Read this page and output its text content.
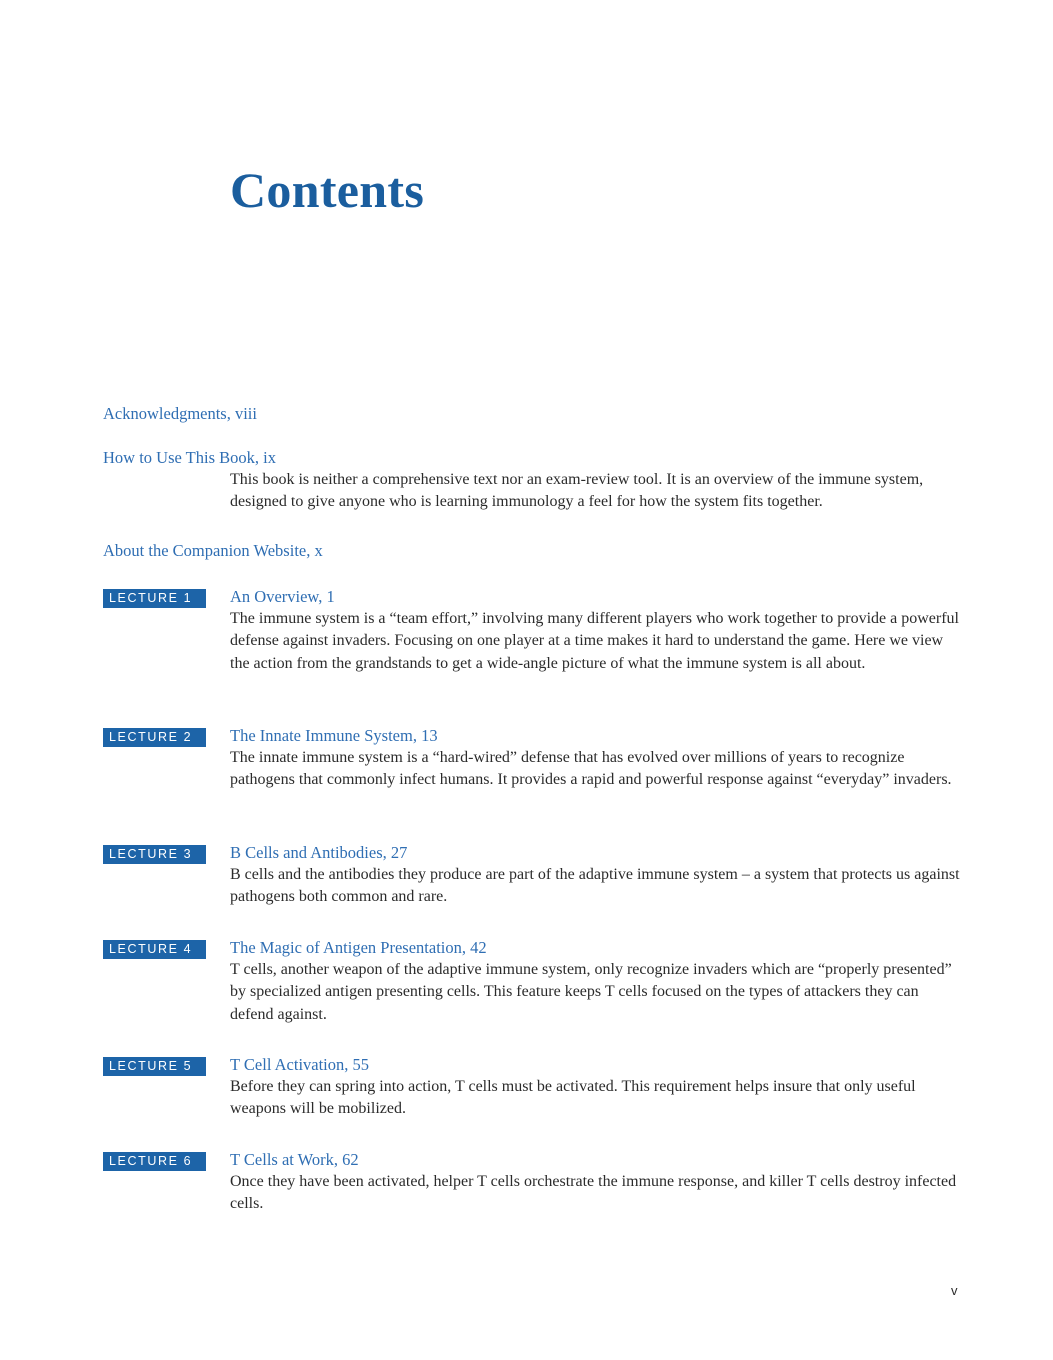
Contents
Acknowledgments, viii
How to Use This Book, ix

This book is neither a comprehensive text nor an exam-review tool. It is an overview of the immune system, designed to give anyone who is learning immunology a feel for how the system fits together.

About the Companion Website, x
LECTURE 1	An Overview, 1

The immune system is a “team effort,” involving many different players who work together to provide a powerful defense against invaders. Focusing on one player at a time makes it hard to understand the game. Here we view the action from the grandstands to get a wide-angle picture of what the immune system is all about.

LECTURE 2	The Innate Immune System, 13

The innate immune system is a “hard-wired” defense that has evolved over millions of years to recognize pathogens that commonly infect humans. It provides a rapid and powerful response against “everyday” invaders.

LECTURE 3	B Cells and Antibodies, 27

B cells and the antibodies they produce are part of the adaptive immune system – a system that protects us against pathogens both common and rare.

LECTURE 4	The Magic of Antigen Presentation, 42

T cells, another weapon of the adaptive immune system, only recognize invaders which are “properly presented” by specialized antigen presenting cells. This feature keeps T cells focused on the types of attackers they can defend against.

LECTURE 5	T Cell Activation, 55

Before they can spring into action, T cells must be activated. This requirement helps insure that only useful weapons will be mobilized.

LECTURE 6	T Cells at Work, 62

Once they have been activated, helper T cells orchestrate the immune response, and killer T cells destroy infected cells.

v
